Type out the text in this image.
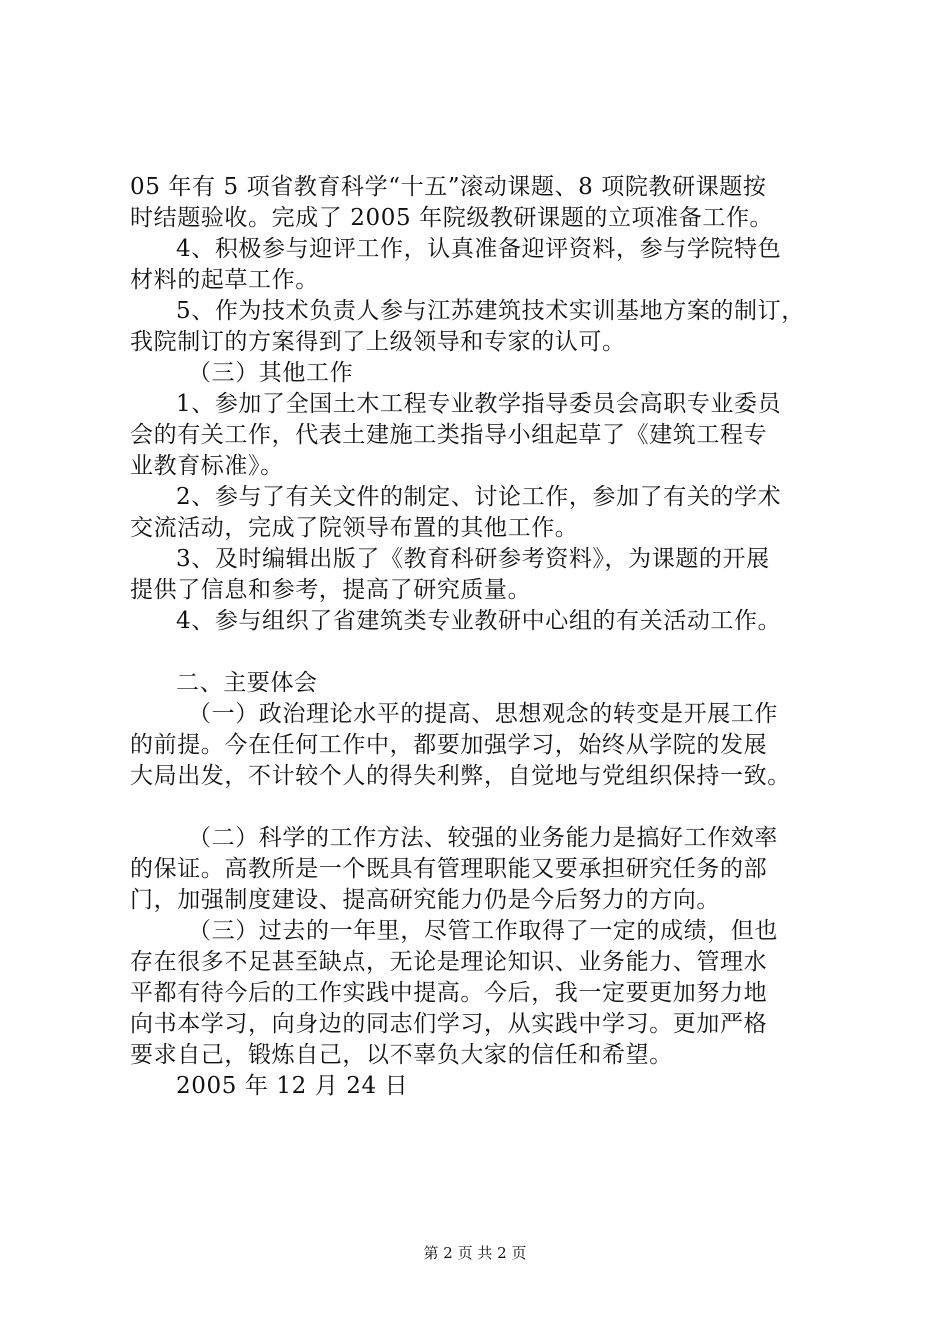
05 年有 5 项省教育科学“十五”滚动课题、8 项院教研课题按
时结题验收。完成了 2005 年院级教研课题的立项准备工作。
4、积极参与迎评工作，认真准备迎评资料，参与学院特色
材料的起草工作。
5、作为技术负责人参与江苏建筑技术实训基地方案的制订，
我院制订的方案得到了上级领导和专家的认可。
（三）其他工作
1、参加了全国土木工程专业教学指导委员会高职专业委员
会的有关工作，代表土建施工类指导小组起草了《建筑工程专
业教育标准》。
2、参与了有关文件的制定、讨论工作，参加了有关的学术
交流活动，完成了院领导布置的其他工作。
3、及时编辑出版了《教育科研参考资料》，为课题的开展
提供了信息和参考，提高了研究质量。
4、参与组织了省建筑类专业教研中心组的有关活动工作。
二、主要体会
（一）政治理论水平的提高、思想观念的转变是开展工作
的前提。今在任何工作中，都要加强学习，始终从学院的发展
大局出发，不计较个人的得失利弊，自觉地与党组织保持一致。
（二）科学的工作方法、较强的业务能力是搞好工作效率
的保证。高教所是一个既具有管理职能又要承担研究任务的部
门，加强制度建设、提高研究能力仍是今后努力的方向。
（三）过去的一年里，尽管工作取得了一定的成绩，但也
存在很多不足甚至缺点，无论是理论知识、业务能力、管理水
平都有待今后的工作实践中提高。今后，我一定要更加努力地
向书本学习，向身边的同志们学习，从实践中学习。更加严格
要求自己，锻炼自己，以不辜负大家的信任和希望。
2005 年 12 月 24 日
第 2 页 共 2 页
